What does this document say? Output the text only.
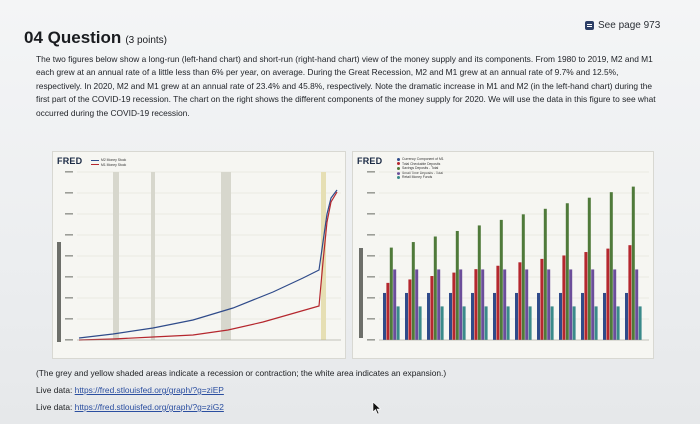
See page 973
04 Question (3 points)
The two figures below show a long-run (left-hand chart) and short-run (right-hand chart) view of the money supply and its components. From 1980 to 2019, M2 and M1 each grew at an annual rate of a little less than 6% per year, on average. During the Great Recession, M2 and M1 grew at an annual rate of 9.7% and 12.5%, respectively. In 2020, M2 and M1 grew at an annual rate of 23.4% and 45.8%, respectively. Note the dramatic increase in M1 and M2 (in the left-hand chart) during the first part of the COVID-19 recession. The chart on the right shows the different components of the money supply for 2020. We will use the data in this figure to see what occurred during the COVID-19 recession.
FRED	M2 Money Stock
M1 Money Stock	FRED	Currency Component of M1
Total Checkable Deposits
Savings Deposits - Total
Small Time Deposits - Total
Retail Money Funds
(The grey and yellow shaded areas indicate a recession or contraction; the white area indicates an expansion.)
Live data: https://fred.stlouisfed.org/graph/?g=ziEP
Live data: https://fred.stlouisfed.org/graph/?g=ziG2
